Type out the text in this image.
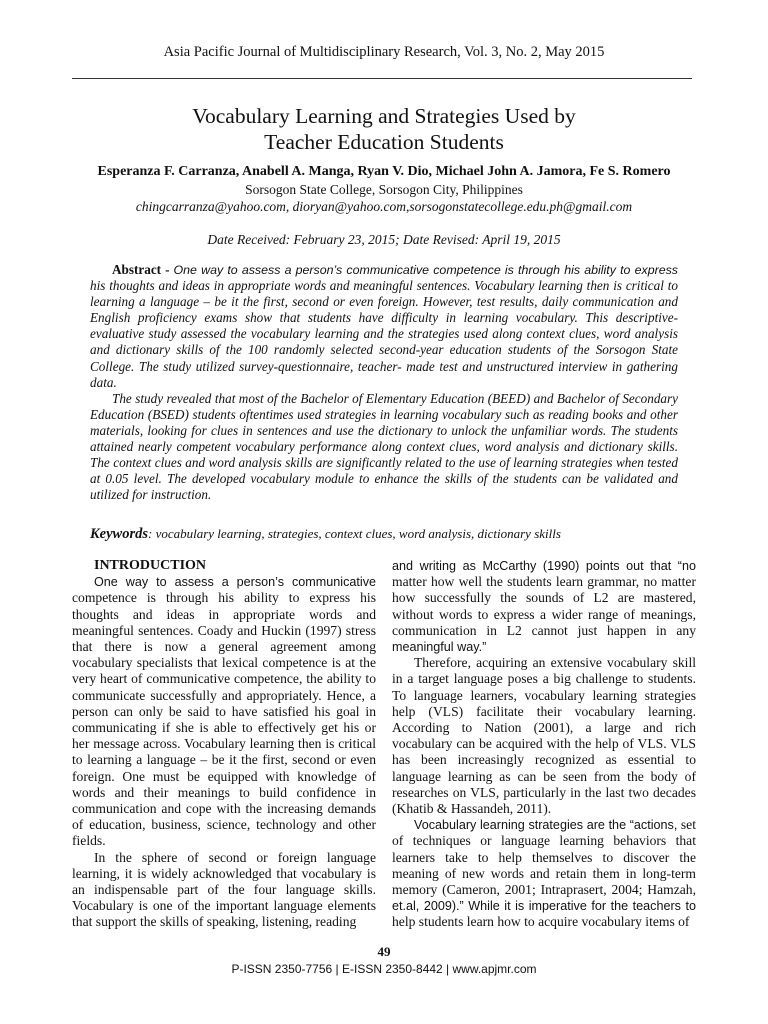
Asia Pacific Journal of Multidisciplinary Research, Vol. 3, No. 2, May 2015
Vocabulary Learning and Strategies Used by
Teacher Education Students
Esperanza F. Carranza, Anabell A. Manga, Ryan V. Dio, Michael John A. Jamora, Fe S. Romero
Sorsogon State College, Sorsogon City, Philippines
chingcarranza@yahoo.com, dioryan@yahoo.com,sorsogonstatecollege.edu.ph@gmail.com
Date Received: February 23, 2015; Date Revised: April 19, 2015

Abstract - One way to assess a person’s communicative competence is through his ability to express his thoughts and ideas in appropriate words and meaningful sentences. Vocabulary learning then is critical to learning a language – be it the first, second or even foreign. However, test results, daily communication and English proficiency exams show that students have difficulty in learning vocabulary. This descriptive-evaluative study assessed the vocabulary learning and the strategies used along context clues, word analysis and dictionary skills of the 100 randomly selected second-year education students of the Sorsogon State College. The study utilized survey-questionnaire, teacher- made test and unstructured interview in gathering data.

The study revealed that most of the Bachelor of Elementary Education (BEED) and Bachelor of Secondary Education (BSED) students oftentimes used strategies in learning vocabulary such as reading books and other materials, looking for clues in sentences and use the dictionary to unlock the unfamiliar words. The students attained nearly competent vocabulary performance along context clues, word analysis and dictionary skills. The context clues and word analysis skills are significantly related to the use of learning strategies when tested at 0.05 level. The developed vocabulary module to enhance the skills of the students can be validated and utilized for instruction.

Keywords: vocabulary learning, strategies, context clues, word analysis, dictionary skills

INTRODUCTION

One way to assess a person’s communicative competence is through his ability to express his thoughts and ideas in appropriate words and meaningful sentences. Coady and Huckin (1997) stress that there is now a general agreement among vocabulary specialists that lexical competence is at the very heart of communicative competence, the ability to communicate successfully and appropriately. Hence, a person can only be said to have satisfied his goal in communicating if she is able to effectively get his or her message across. Vocabulary learning then is critical to learning a language – be it the first, second or even foreign. One must be equipped with knowledge of words and their meanings to build confidence in communication and cope with the increasing demands of education, business, science, technology and other fields.

In the sphere of second or foreign language learning, it is widely acknowledged that vocabulary is an indispensable part of the four language skills. Vocabulary is one of the important language elements that support the skills of speaking, listening, reading

and writing as McCarthy (1990) points out that “no matter how well the students learn grammar, no matter how successfully the sounds of L2 are mastered, without words to express a wider range of meanings, communication in L2 cannot just happen in any meaningful way.”

Therefore, acquiring an extensive vocabulary skill in a target language poses a big challenge to students. To language learners, vocabulary learning strategies help (VLS) facilitate their vocabulary learning. According to Nation (2001), a large and rich vocabulary can be acquired with the help of VLS. VLS has been increasingly recognized as essential to language learning as can be seen from the body of researches on VLS, particularly in the last two decades (Khatib & Hassandeh, 2011).

Vocabulary learning strategies are the “actions, set of techniques or language learning behaviors that learners take to help themselves to discover the meaning of new words and retain them in long-term memory (Cameron, 2001; Intraprasert, 2004; Hamzah, et.al, 2009).” While it is imperative for the teachers to help students learn how to acquire vocabulary items of

49
P-ISSN 2350-7756 | E-ISSN 2350-8442 | www.apjmr.com
